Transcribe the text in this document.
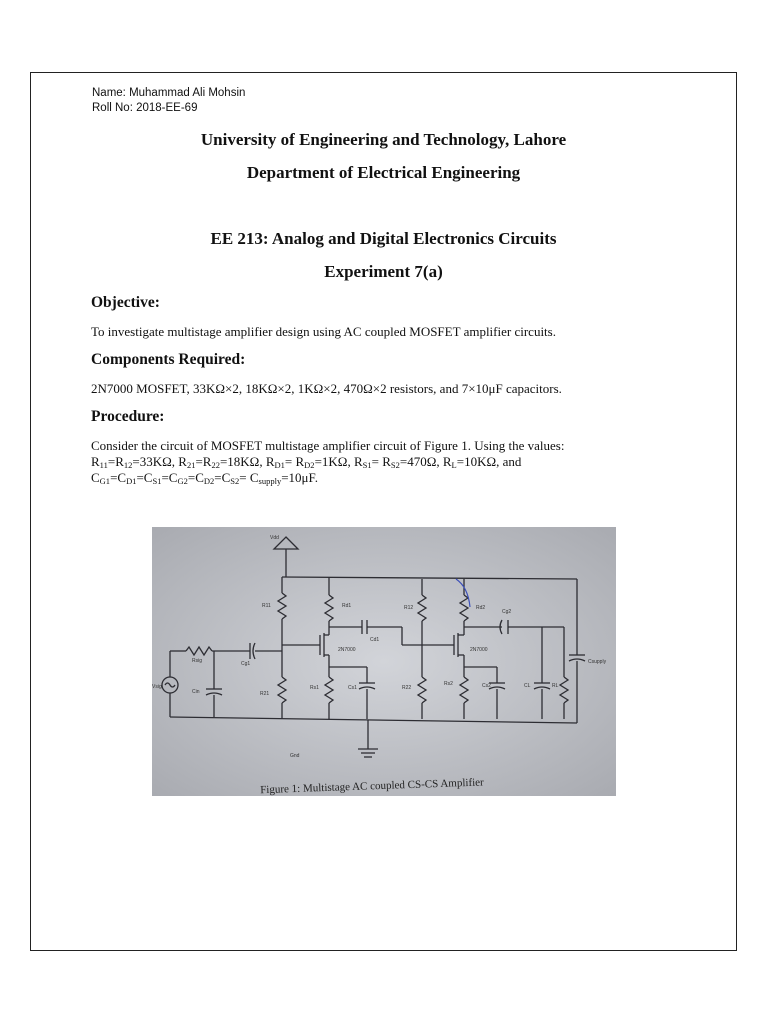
Name: Muhammad Ali Mohsin
Roll No: 2018-EE-69
University of Engineering and Technology, Lahore
Department of Electrical Engineering
EE 213: Analog and Digital Electronics Circuits
Experiment 7(a)
Objective:
To investigate multistage amplifier design using AC coupled MOSFET amplifier circuits.
Components Required:
2N7000 MOSFET, 33KΩ×2, 18KΩ×2, 1KΩ×2, 470Ω×2 resistors, and 7×10μF capacitors.
Procedure:
Consider the circuit of MOSFET multistage amplifier circuit of Figure 1. Using the values:
$R_{11}=R_{12}=33K\Omega$, $R_{21}=R_{22}=18K\Omega$, $R_{D1}= R_{D2}=1K\Omega$, $R_{S1}= R_{S2}=470\Omega$, $R_L=10K\Omega$, and
$C_{G1}=C_{D1}=C_{S1}=C_{G2}=C_{D2}=C_{S2}= C_{supply}=10\mu F$.
Vdd
R11	Rd1
Cd1
2N7000
Cg1
Rsig
Vsig
Cin	R21
Rs1	Cs1
R12	Rd2
Cg2
2N7000
R22
Rs2	Cs2	CL	RL
Csupply
Gnd
Figure 1: Multistage AC coupled CS-CS Amplifier
